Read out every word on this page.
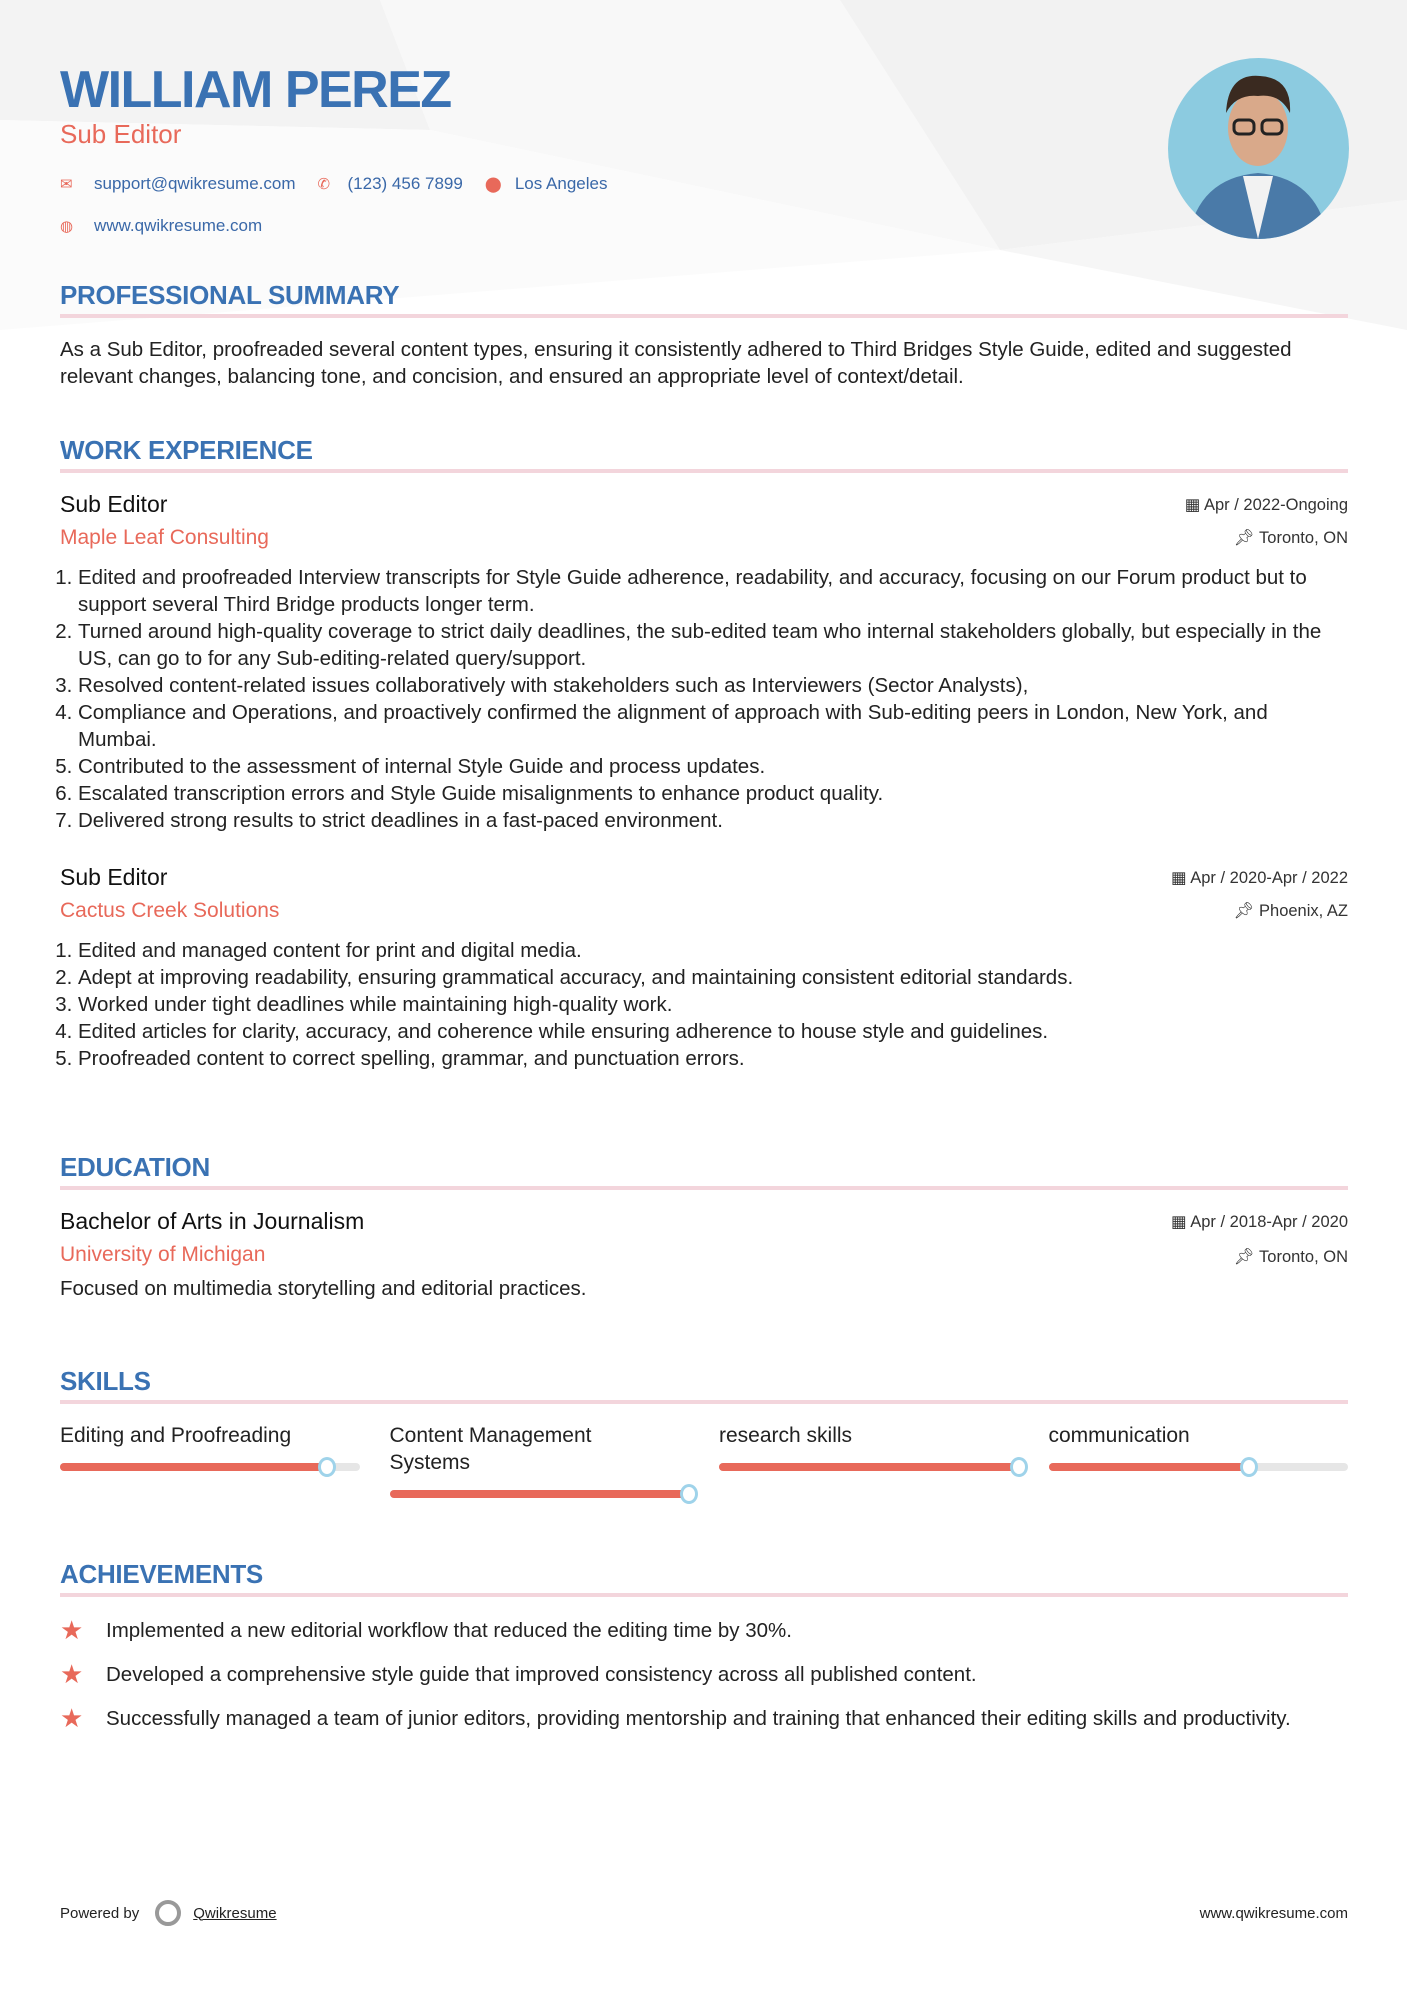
WILLIAM PEREZ
Sub Editor
✉	support@qwikresume.com ✆	(123) 456 7899 ⬤ Los Angeles
◍	www.qwikresume.com
PROFESSIONAL SUMMARY

As a Sub Editor, proofreaded several content types, ensuring it consistently adhered to Third Bridges Style Guide, edited and suggested relevant changes, balancing tone, and concision, and ensured an appropriate level of context/detail.

WORK EXPERIENCE
▦ Apr / 2022-Ongoing
📌︎ Toronto, ON
Sub Editor
Maple Leaf Consulting
1. Edited and proofreaded Interview transcripts for Style Guide adherence, readability, and accuracy, focusing on our Forum product but to support several Third Bridge products longer term.
2. Turned around high-quality coverage to strict daily deadlines, the sub-edited team who internal stakeholders globally, but especially in the US, can go to for any Sub-editing-related query/support.
3. Resolved content-related issues collaboratively with stakeholders such as Interviewers (Sector Analysts),
4. Compliance and Operations, and proactively confirmed the alignment of approach with Sub-editing peers in London, New York, and Mumbai.
5. Contributed to the assessment of internal Style Guide and process updates.
6. Escalated transcription errors and Style Guide misalignments to enhance product quality.
7. Delivered strong results to strict deadlines in a fast-paced environment.
▦ Apr / 2020-Apr / 2022
📌︎ Phoenix, AZ
Sub Editor
Cactus Creek Solutions
1. Edited and managed content for print and digital media.
2. Adept at improving readability, ensuring grammatical accuracy, and maintaining consistent editorial standards.
3. Worked under tight deadlines while maintaining high-quality work.
4. Edited articles for clarity, accuracy, and coherence while ensuring adherence to house style and guidelines.
5. Proofreaded content to correct spelling, grammar, and punctuation errors.
EDUCATION
▦ Apr / 2018-Apr / 2020
📌︎ Toronto, ON
Bachelor of Arts in Journalism
University of Michigan

Focused on multimedia storytelling and editorial practices.

SKILLS
Editing and Proofreading	Content Management Systems
research skills	communication
ACHIEVEMENTS
★	Implemented a new editorial workflow that reduced the editing time by 30%.

★	Developed a comprehensive style guide that improved consistency across all published content.

★	Successfully managed a team of junior editors, providing mentorship and training that enhanced their editing skills and productivity.

Powered by	Qwikresume	www.qwikresume.com
